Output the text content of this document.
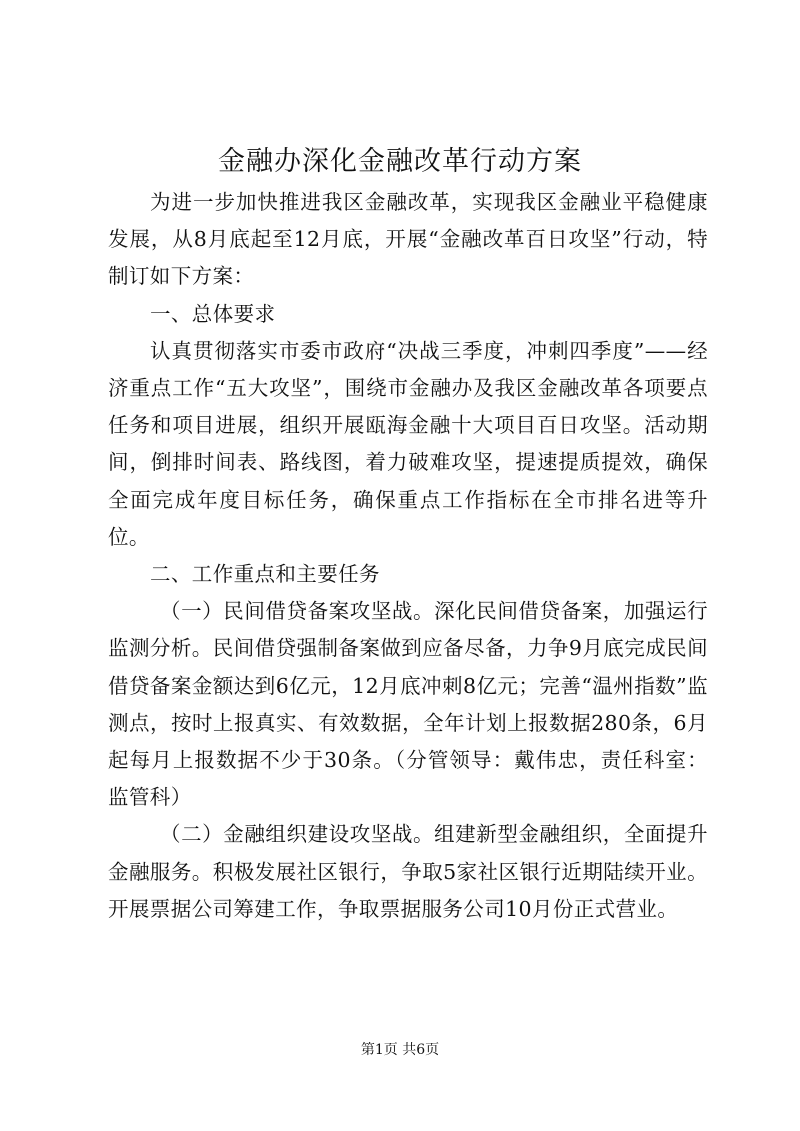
金融办深化金融改革行动方案

为进一步加快推进我区金融改革，实现我区金融业平稳健康发展，从8月底起至12月底，开展“金融改革百日攻坚”行动，特制订如下方案：

一、总体要求

认真贯彻落实市委市政府“决战三季度，冲刺四季度”——经济重点工作“五大攻坚”，围绕市金融办及我区金融改革各项要点任务和项目进展，组织开展瓯海金融十大项目百日攻坚。活动期间，倒排时间表、路线图，着力破难攻坚，提速提质提效，确保全面完成年度目标任务，确保重点工作指标在全市排名进等升位。

二、工作重点和主要任务

（一）民间借贷备案攻坚战。深化民间借贷备案，加强运行监测分析。民间借贷强制备案做到应备尽备，力争9月底完成民间借贷备案金额达到6亿元，12月底冲刺8亿元；完善“温州指数”监测点，按时上报真实、有效数据，全年计划上报数据280条，6月起每月上报数据不少于30条。（分管领导：戴伟忠，责任科室：监管科）

（二）金融组织建设攻坚战。组建新型金融组织，全面提升金融服务。积极发展社区银行，争取5家社区银行近期陆续开业。开展票据公司筹建工作，争取票据服务公司10月份正式营业。

第1页 共6页
